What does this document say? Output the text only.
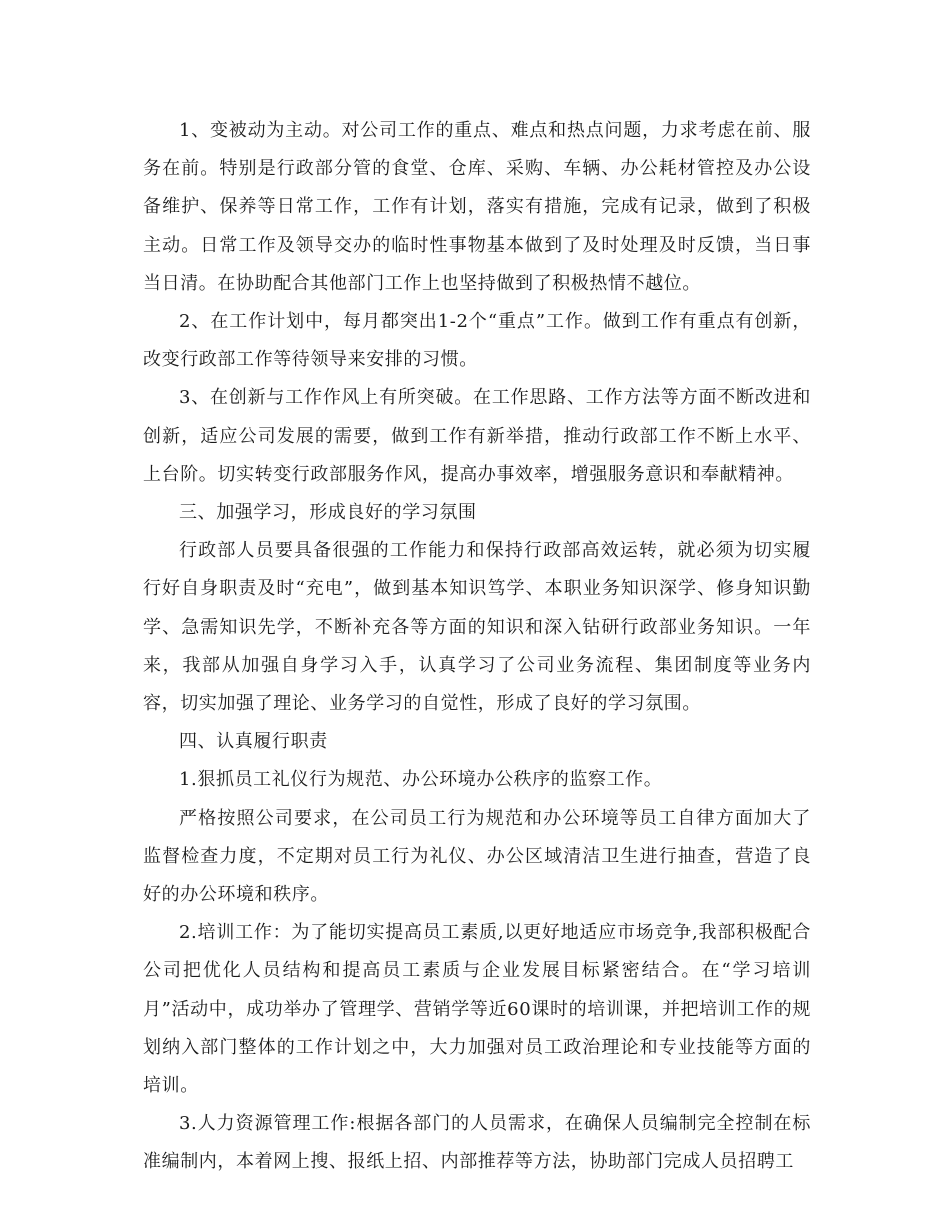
1、变被动为主动。对公司工作的重点、难点和热点问题，力求考虑在前、服务在前。特别是行政部分管的食堂、仓库、采购、车辆、办公耗材管控及办公设备维护、保养等日常工作，工作有计划，落实有措施，完成有记录，做到了积极主动。日常工作及领导交办的临时性事物基本做到了及时处理及时反馈，当日事当日清。在协助配合其他部门工作上也坚持做到了积极热情不越位。

2、在工作计划中，每月都突出1-2个“重点”工作。做到工作有重点有创新，改变行政部工作等待领导来安排的习惯。

3、在创新与工作作风上有所突破。在工作思路、工作方法等方面不断改进和创新，适应公司发展的需要，做到工作有新举措，推动行政部工作不断上水平、上台阶。切实转变行政部服务作风，提高办事效率，增强服务意识和奉献精神。

三、加强学习，形成良好的学习氛围

行政部人员要具备很强的工作能力和保持行政部高效运转，就必须为切实履行好自身职责及时“充电”，做到基本知识笃学、本职业务知识深学、修身知识勤学、急需知识先学，不断补充各等方面的知识和深入钻研行政部业务知识。一年来，我部从加强自身学习入手，认真学习了公司业务流程、集团制度等业务内容，切实加强了理论、业务学习的自觉性，形成了良好的学习氛围。

四、认真履行职责

1.狠抓员工礼仪行为规范、办公环境办公秩序的监察工作。

严格按照公司要求，在公司员工行为规范和办公环境等员工自律方面加大了监督检查力度，不定期对员工行为礼仪、办公区域清洁卫生进行抽查，营造了良好的办公环境和秩序。

2.培训工作：为了能切实提高员工素质,以更好地适应市场竞争,我部积极配合公司把优化人员结构和提高员工素质与企业发展目标紧密结合。在“学习培训月”活动中，成功举办了管理学、营销学等近60课时的培训课，并把培训工作的规划纳入部门整体的工作计划之中，大力加强对员工政治理论和专业技能等方面的培训。

3.人力资源管理工作:根据各部门的人员需求，在确保人员编制完全控制在标准编制内，本着网上搜、报纸上招、内部推荐等方法，协助部门完成人员招聘工
